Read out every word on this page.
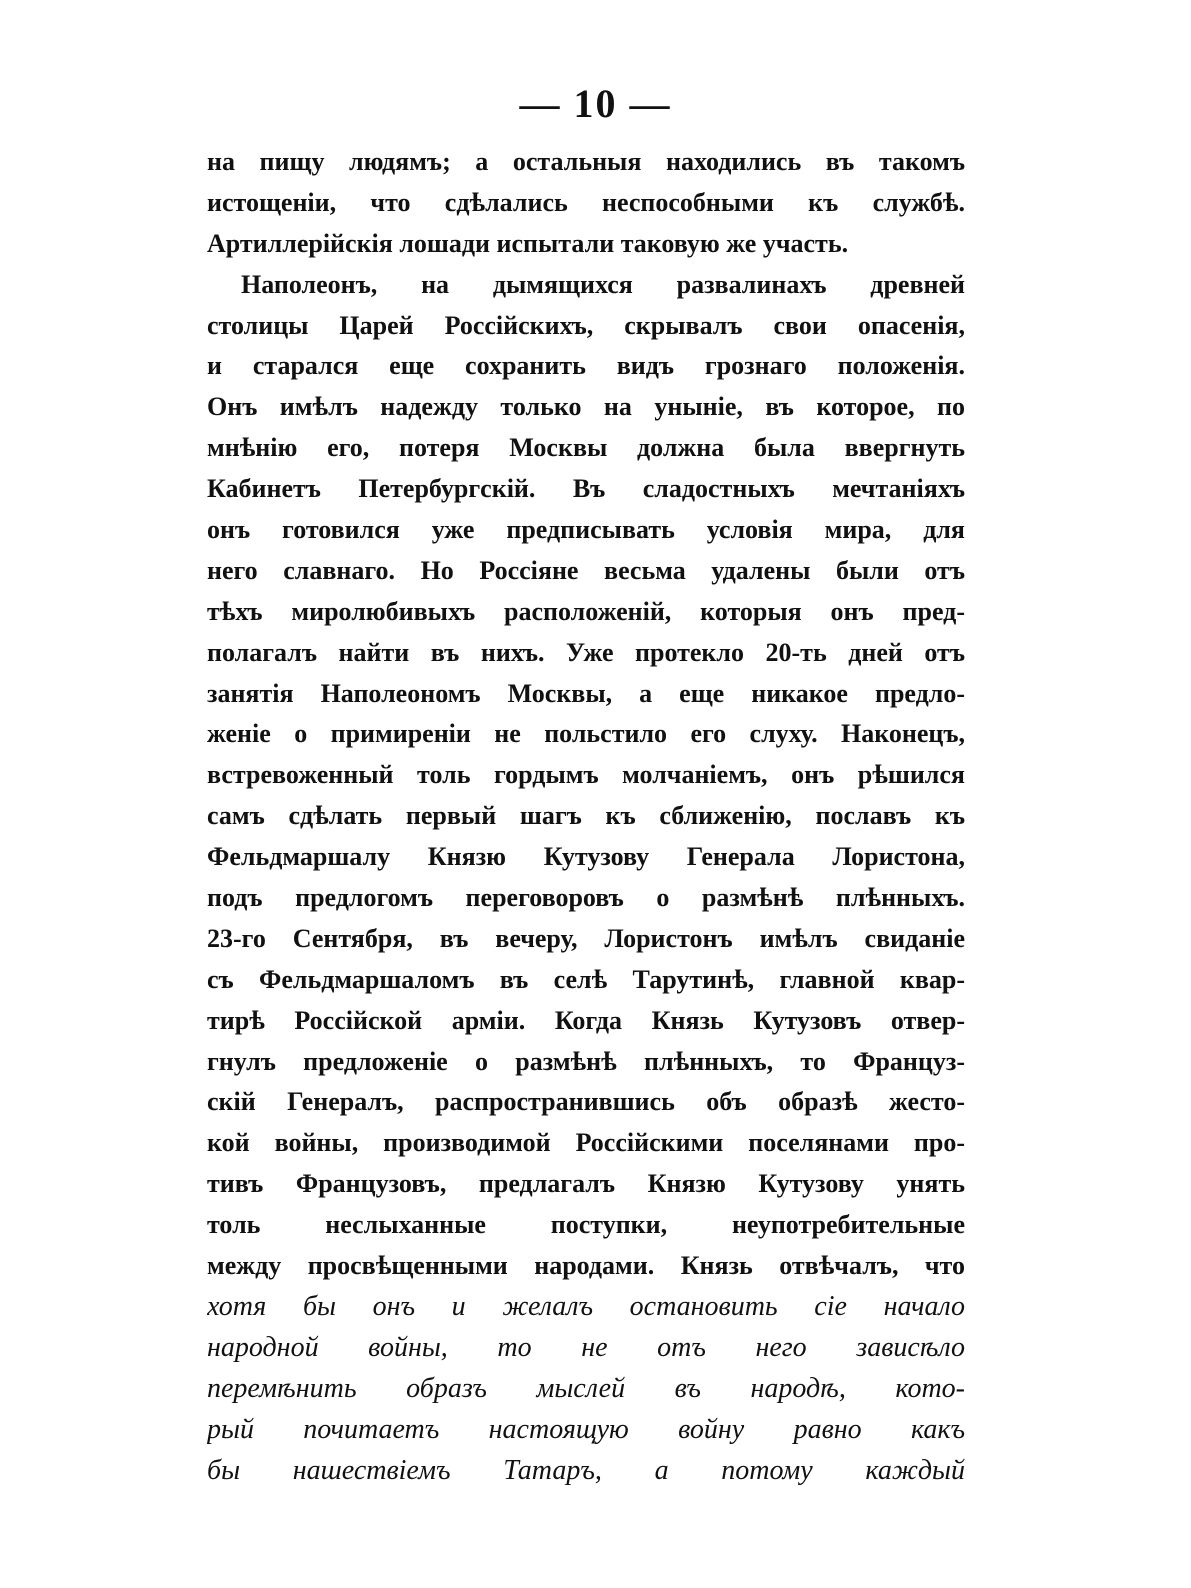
— 10 —
на пищу людямъ; а остальныя находились въ такомъ
истощеніи, что сдѣлались неспособными къ службѣ.
Артиллерійскія лошади испытали таковую же участь.
Наполеонъ, на дымящихся развалинахъ древней
столицы Царей Россійскихъ, скрывалъ свои опасенія,
и старался еще сохранить видъ грознаго положенія.
Онъ имѣлъ надежду только на уныніе, въ которое, по
мнѣнію его, потеря Москвы должна была ввергнуть
Кабинетъ Петербургскій. Въ сладостныхъ мечтаніяхъ
онъ готовился уже предписывать условія мира, для
него славнаго. Но Россіяне весьма удалены были отъ
тѣхъ миролюбивыхъ расположеній, которыя онъ пред-
полагалъ найти въ нихъ. Уже протекло 20-ть дней отъ
занятія Наполеономъ Москвы, а еще никакое предло-
женіе о примиреніи не польстило его слуху. Наконецъ,
встревоженный толь гордымъ молчаніемъ, онъ рѣшился
самъ сдѣлать первый шагъ къ сближенію, пославъ къ
Фельдмаршалу Князю Кутузову Генерала Лористона,
подъ предлогомъ переговоровъ о размѣнѣ плѣнныхъ.
23-го Сентября, въ вечеру, Лористонъ имѣлъ свиданіе
съ Фельдмаршаломъ въ селѣ Тарутинѣ, главной квар-
тирѣ Россійской арміи. Когда Князь Кутузовъ отвер-
гнулъ предложеніе о размѣнѣ плѣнныхъ, то Француз-
скій Генералъ, распространившись объ образѣ жесто-
кой войны, производимой Россійскими поселянами про-
тивъ Французовъ, предлагалъ Князю Кутузову унять
толь неслыханные поступки, неупотребительные
между просвѣщенными народами. Князь отвѣчалъ, что
хотя бы онъ и желалъ остановить сіе начало
народной войны, то не отъ него зависѣло
перемѣнить образъ мыслей въ народѣ, кото-
рый почитаетъ настоящую войну равно какъ
бы нашествіемъ Татаръ, а потому каждый
